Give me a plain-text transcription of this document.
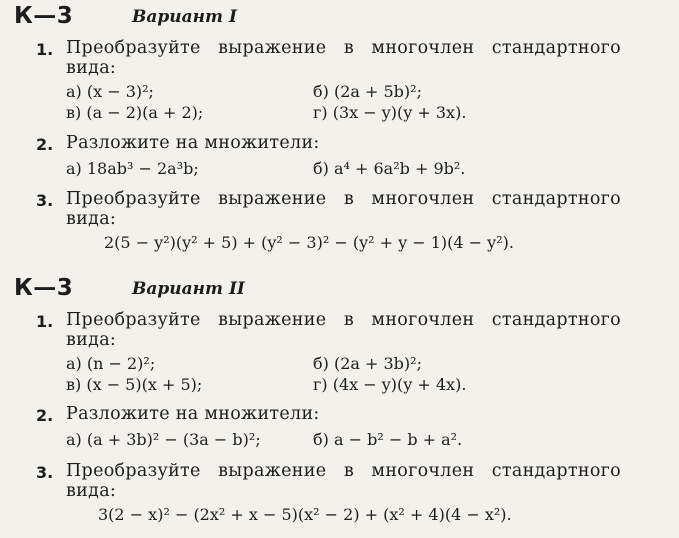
К—3	Вариант I
1. Преобразуйте выражение в многочлен стандартного
вида:
а) (x − 3)²;	б) (2a + 5b)²;
в) (a − 2)(a + 2);	г) (3x − y)(y + 3x).
2. Разложите на множители:
а) 18ab³ − 2a³b;	б) a⁴ + 6a²b + 9b².
3. Преобразуйте выражение в многочлен стандартного
вида:
2(5 − y²)(y² + 5) + (y² − 3)² − (y² + y − 1)(4 − y²).
К—3	Вариант II
1. Преобразуйте выражение в многочлен стандартного
вида:
а) (n − 2)²;	б) (2a + 3b)²;
в) (x − 5)(x + 5);	г) (4x − y)(y + 4x).
2. Разложите на множители:
а) (a + 3b)² − (3a − b)²;	б) a − b² − b + a².
3. Преобразуйте выражение в многочлен стандартного
вида:
3(2 − x)² − (2x² + x − 5)(x² − 2) + (x² + 4)(4 − x²).
